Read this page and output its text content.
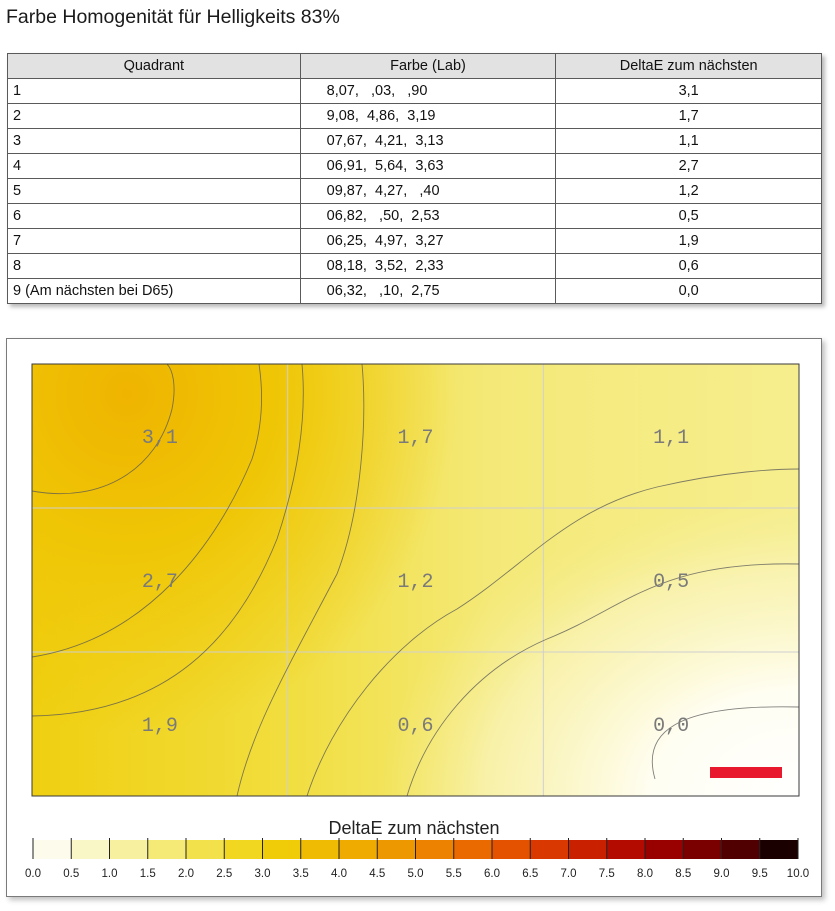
Farbe Homogenität für Helligkeits 83%
Quadrant	Farbe (Lab)	DeltaE zum nächsten
1	8,07,   ,03,   ,90	3,1
2	9,08,  4,86,  3,19	1,7
3	07,67,  4,21,  3,13	1,1
4	06,91,  5,64,  3,63	2,7
5	09,87,  4,27,   ,40	1,2
6	06,82,   ,50,  2,53	0,5
7	06,25,  4,97,  3,27	1,9
8	08,18,  3,52,  2,33	0,6
9 (Am nächsten bei D65)	06,32,   ,10,  2,75	0,0
3,1	1,7	1,1
2,7	1,2	0,5
1,9	0,6	0,0
DeltaE zum nächsten
0.0 0.5 1.0 1.5 2.0 2.5 3.0 3.5 4.0 4.5 5.0 5.5 6.0 6.5 7.0 7.5 8.0 8.5 9.0 9.5 10.0
